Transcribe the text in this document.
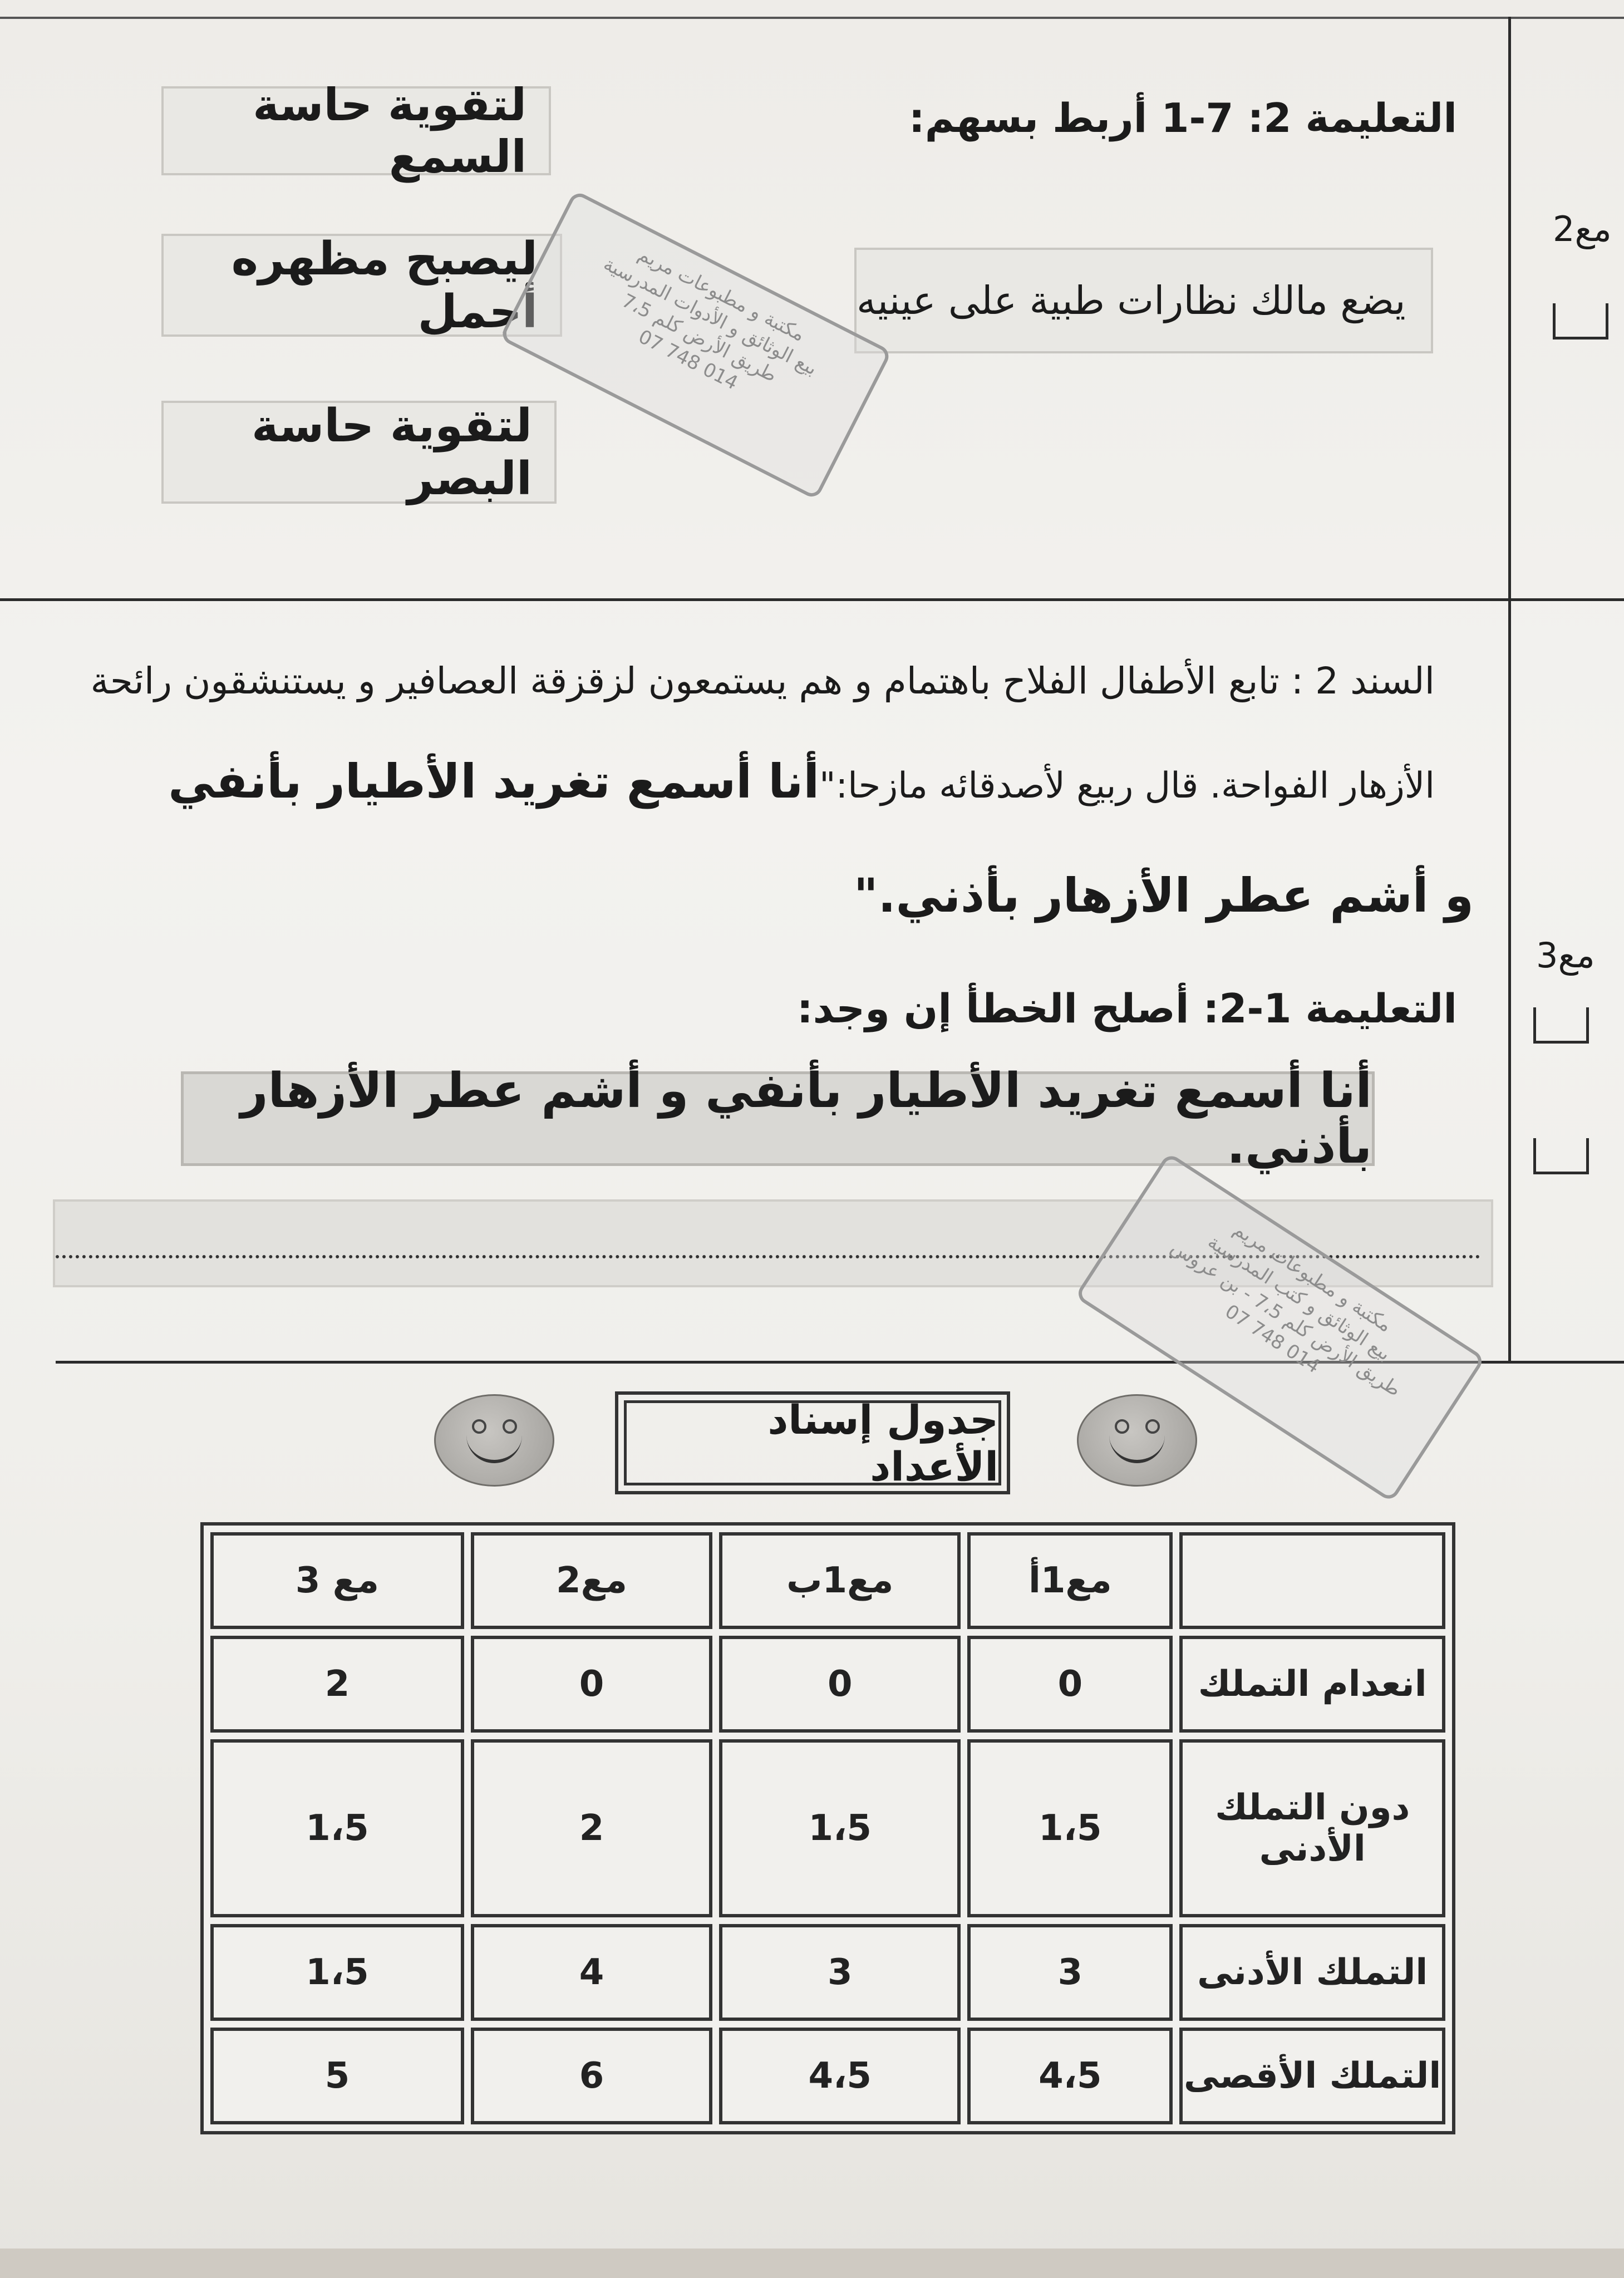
التعليمة 2: 7-1 أربط بسهم:
لتقوية حاسة السمع
يضع مالك نظارات طبية على عينيه
ليصبح مظهره أجمل
لتقوية حاسة البصر
مع2
مكتبة و مطبوعات مريم
بيع الوثائق و الأدوات المدرسية
طريق الأرض كلم 7،5
07 748 014
السند 2 : تابع الأطفال الفلاح باهتمام و هم يستمعون لزقزقة العصافير و يستنشقون رائحة
الأزهار الفواحة. قال ربيع لأصدقائه مازحا:"أنا أسمع تغريد الأطيار بأنفي
و أشم عطر الأزهار بأذني."
التعليمة 1-2: أصلح الخطأ إن وجد:
أنا أسمع تغريد الأطيار بأنفي و أشم عطر الأزهار بأذني.
مع3
مكتبة و مطبوعات مريم
بيع الوثائق و كتب المدرسية
طريق الأرض كلم 7،5 - بن عروس
07 748 014
جدول إسناد الأعداد
	مع1أ	مع1ب	مع2	مع 3
انعدام التملك	0	0	0	2
دون التملك الأدنى	1،5	1،5	2	1،5
التملك الأدنى	3	3	4	1،5
التملك الأقصى	4،5	4،5	6	5
